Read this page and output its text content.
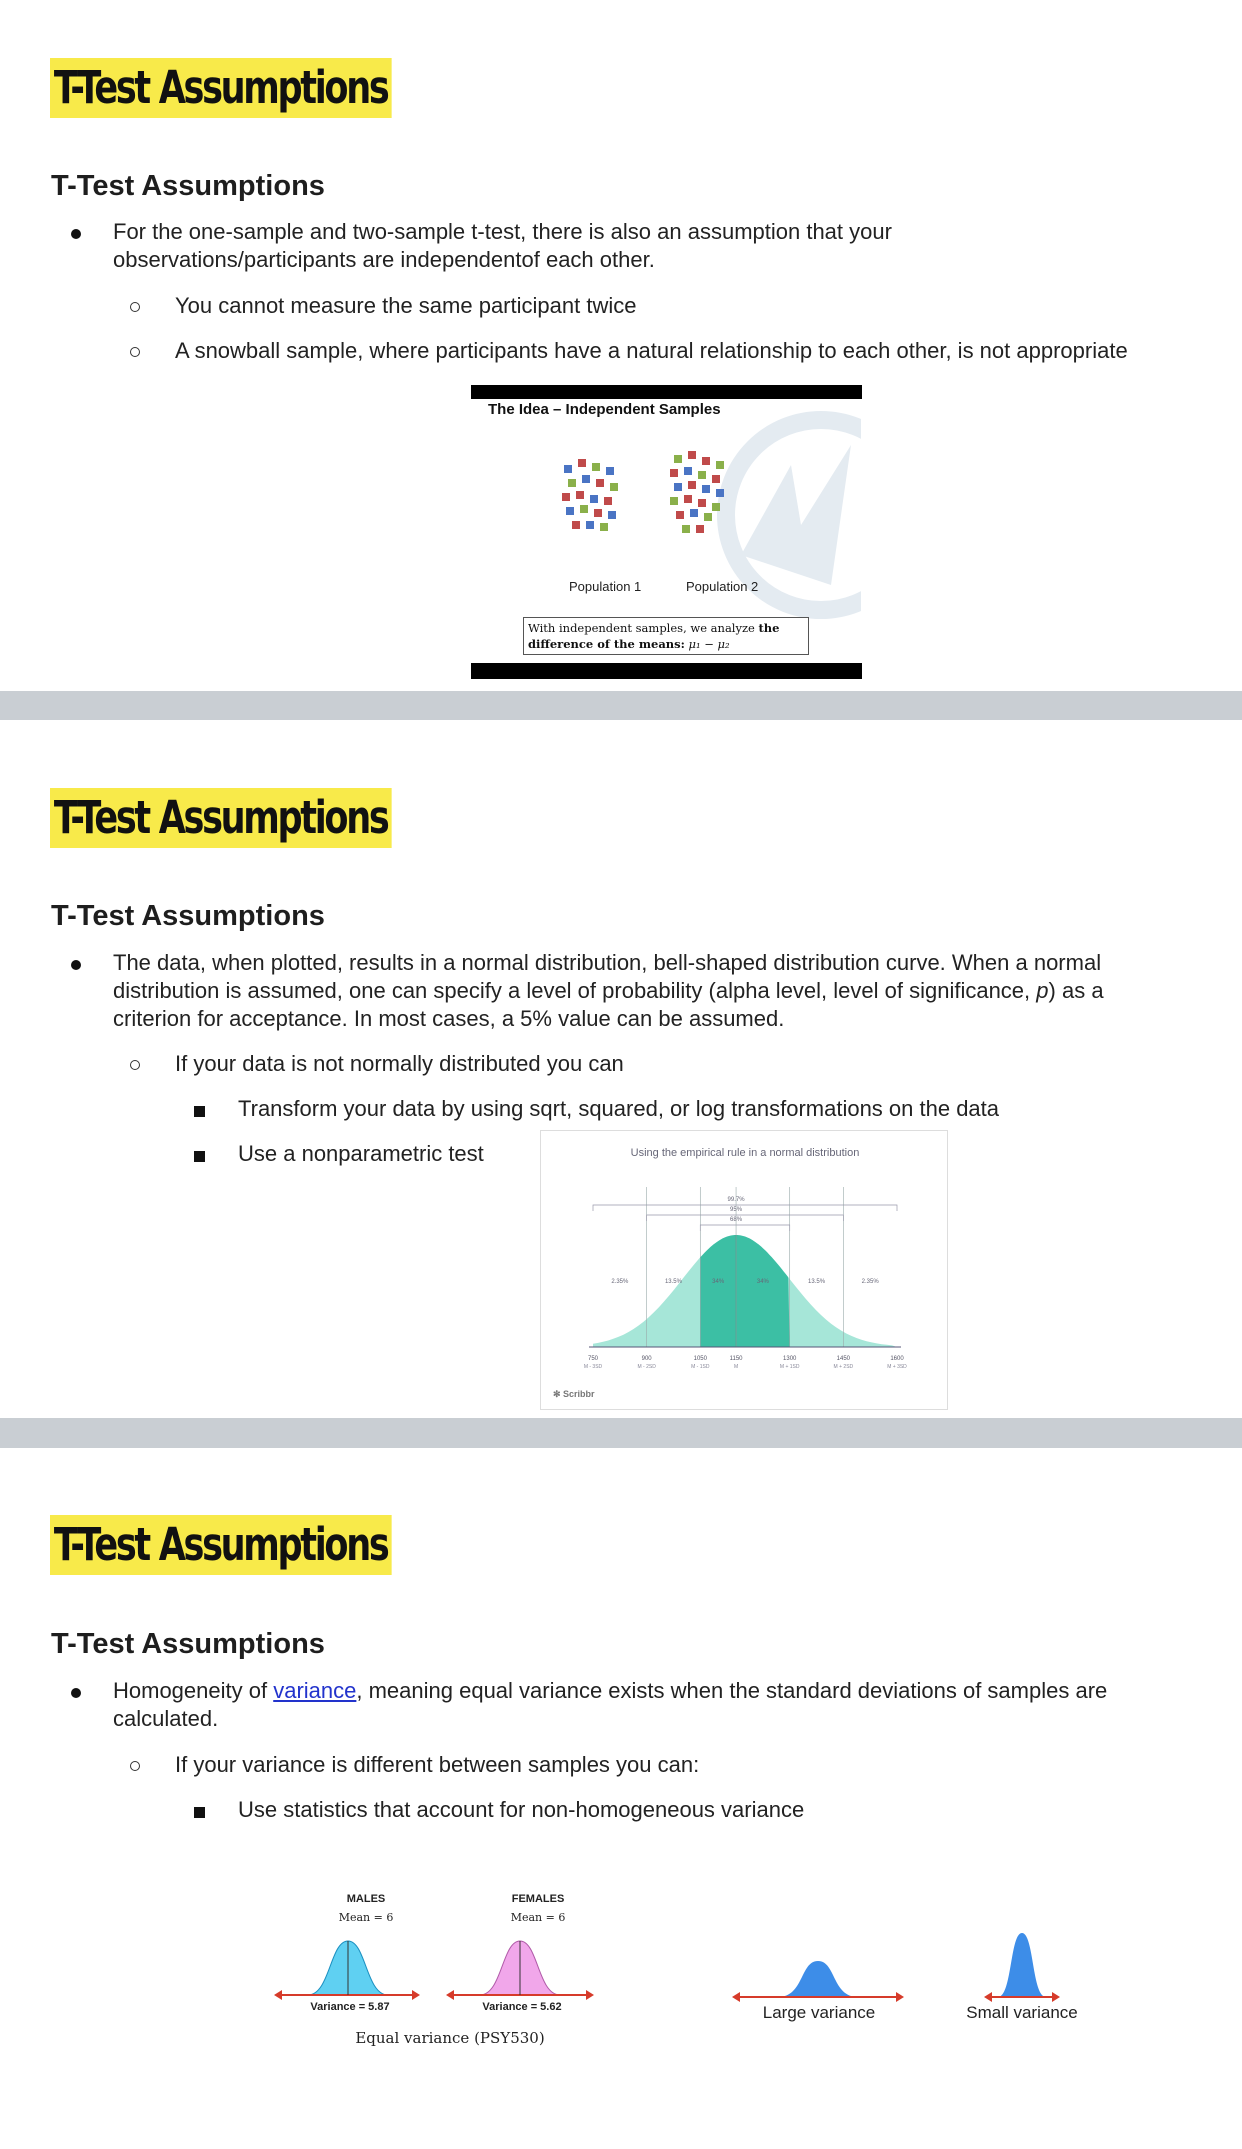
T-Test Assumptions
T-Test Assumptions
For the one-sample and two-sample t-test, there is also an assumption that your observations/participants are independentof each other.
You cannot measure the same participant twice
A snowball sample, where participants have a natural relationship to each other, is not appropriate
The Idea – Independent Samples
Population 1	Population 2
With independent samples, we analyze the
difference of the means: μ₁ − μ₂
T-Test Assumptions
T-Test Assumptions
The data, when plotted, results in a normal distribution, bell-shaped distribution curve. When a normal distribution is assumed, one can specify a level of probability (alpha level, level of significance, p) as a criterion for acceptance. In most cases, a 5% value can be assumed.
If your data is not normally distributed you can
Transform your data by using sqrt, squared, or log transformations on the data
Use a nonparametric test	Using the empirical rule in a normal distribution
99.7%
95%
68%
2.35%	13.5%	34%	34%	13.5%	2.35%
750
M - 3SD
900
M - 2SD
1050
M - 1SD
1150
M
1300
M + 1SD
1450
M + 2SD
1600
M + 3SD
✻ Scribbr
T-Test Assumptions
T-Test Assumptions
Homogeneity of variance, meaning equal variance exists when the standard deviations of samples are calculated.
If your variance is different between samples you can:
Use statistics that account for non-homogeneous variance
MALES
Mean = 6
FEMALES
Mean = 6
Variance = 5.87	Variance = 5.62
Equal variance (PSY530)
Large variance	Small variance
